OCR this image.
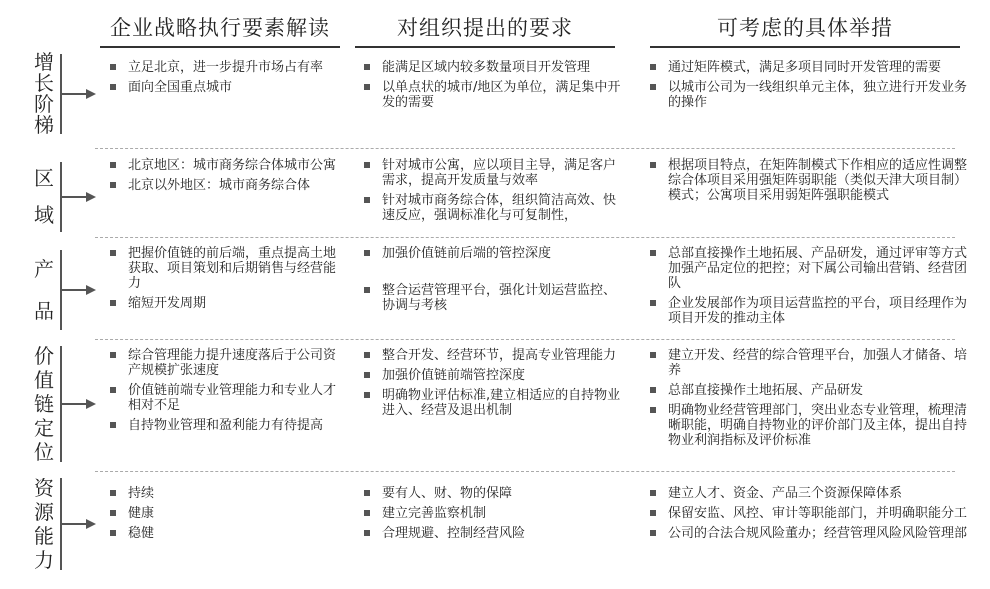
企业战略执行要素解读	对组织提出的要求	可考虑的具体举措
立足北京，进一步提升市场占有率
面向全国重点城市
能满足区域内较多数量项目开发管理
以单点状的城市/地区为单位，满足集中开发的需要
通过矩阵模式，满足多项目同时开发管理的需要
以城市公司为一线组织单元主体，独立进行开发业务的操作
北京地区：城市商务综合体城市公寓
北京以外地区：城市商务综合体
针对城市公寓，应以项目主导，满足客户需求，提高开发质量与效率
针对城市商务综合体，组织简洁高效、快速反应，强调标准化与可复制性，
根据项目特点，在矩阵制模式下作相应的适应性调整 综合体项目采用强矩阵弱职能（类似天津大项目制）模式；公寓项目采用弱矩阵强职能模式
把握价值链的前后端，重点提高土地获取、项目策划和后期销售与经营能力
缩短开发周期
加强价值链前后端的管控深度
整合运营管理平台，强化计划运营监控、协调与考核
总部直接操作土地拓展、产品研发，通过评审等方式加强产品定位的把控；对下属公司输出营销、经营团队
企业发展部作为项目运营监控的平台，项目经理作为项目开发的推动主体
综合管理能力提升速度落后于公司资产规模扩张速度
价值链前端专业管理能力和专业人才相对不足
自持物业管理和盈利能力有待提高
整合开发、经营环节，提高专业管理能力
加强价值链前端管控深度
明确物业评估标准,建立相适应的自持物业进入、经营及退出机制
建立开发、经营的综合管理平台，加强人才储备、培养
总部直接操作土地拓展、产品研发
明确物业经营管理部门，突出业态专业管理，梳理清晰职能，明确自持物业的评价部门及主体，提出自持物业利润指标及评价标准
持续
健康
稳健
要有人、财、物的保障
建立完善监察机制
合理规避、控制经营风险
建立人才、资金、产品三个资源保障体系
保留安监、风控、审计等职能部门，并明确职能分工
公司的合法合规风险董办；经营管理风险风险管理部
增
长
阶
梯
区
域
产
品
价
值
链
定
位
资
源
能
力
